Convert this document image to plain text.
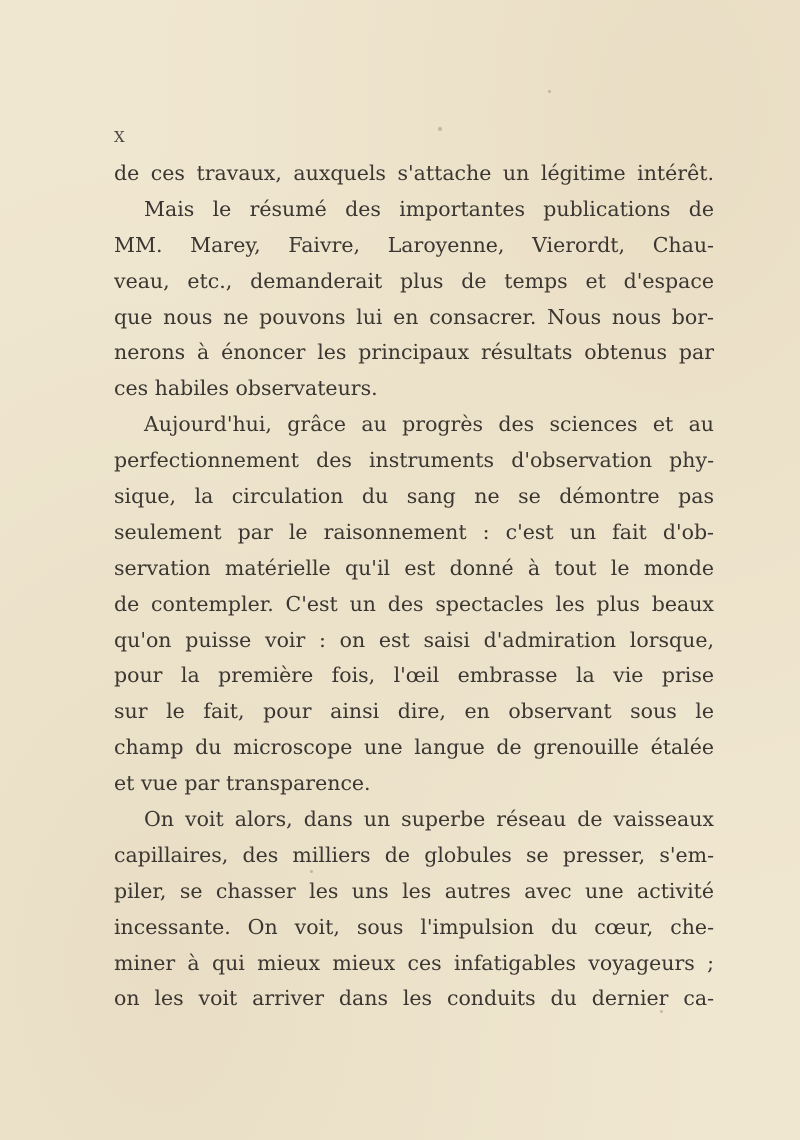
X
de ces travaux, auxquels s'attache un légitime intérêt.
Mais le résumé des importantes publications de
MM. Marey, Faivre, Laroyenne, Vierordt, Chau-
veau, etc., demanderait plus de temps et d'espace
que nous ne pouvons lui en consacrer. Nous nous bor-
nerons à énoncer les principaux résultats obtenus par
ces habiles observateurs.
Aujourd'hui, grâce au progrès des sciences et au
perfectionnement des instruments d'observation phy-
sique, la circulation du sang ne se démontre pas
seulement par le raisonnement : c'est un fait d'ob-
servation matérielle qu'il est donné à tout le monde
de contempler. C'est un des spectacles les plus beaux
qu'on puisse voir : on est saisi d'admiration lorsque,
pour la première fois, l'œil embrasse la vie prise
sur le fait, pour ainsi dire, en observant sous le
champ du microscope une langue de grenouille étalée
et vue par transparence.
On voit alors, dans un superbe réseau de vaisseaux
capillaires, des milliers de globules se presser, s'em-
piler, se chasser les uns les autres avec une activité
incessante. On voit, sous l'impulsion du cœur, che-
miner à qui mieux mieux ces infatigables voyageurs ;
on les voit arriver dans les conduits du dernier ca-
